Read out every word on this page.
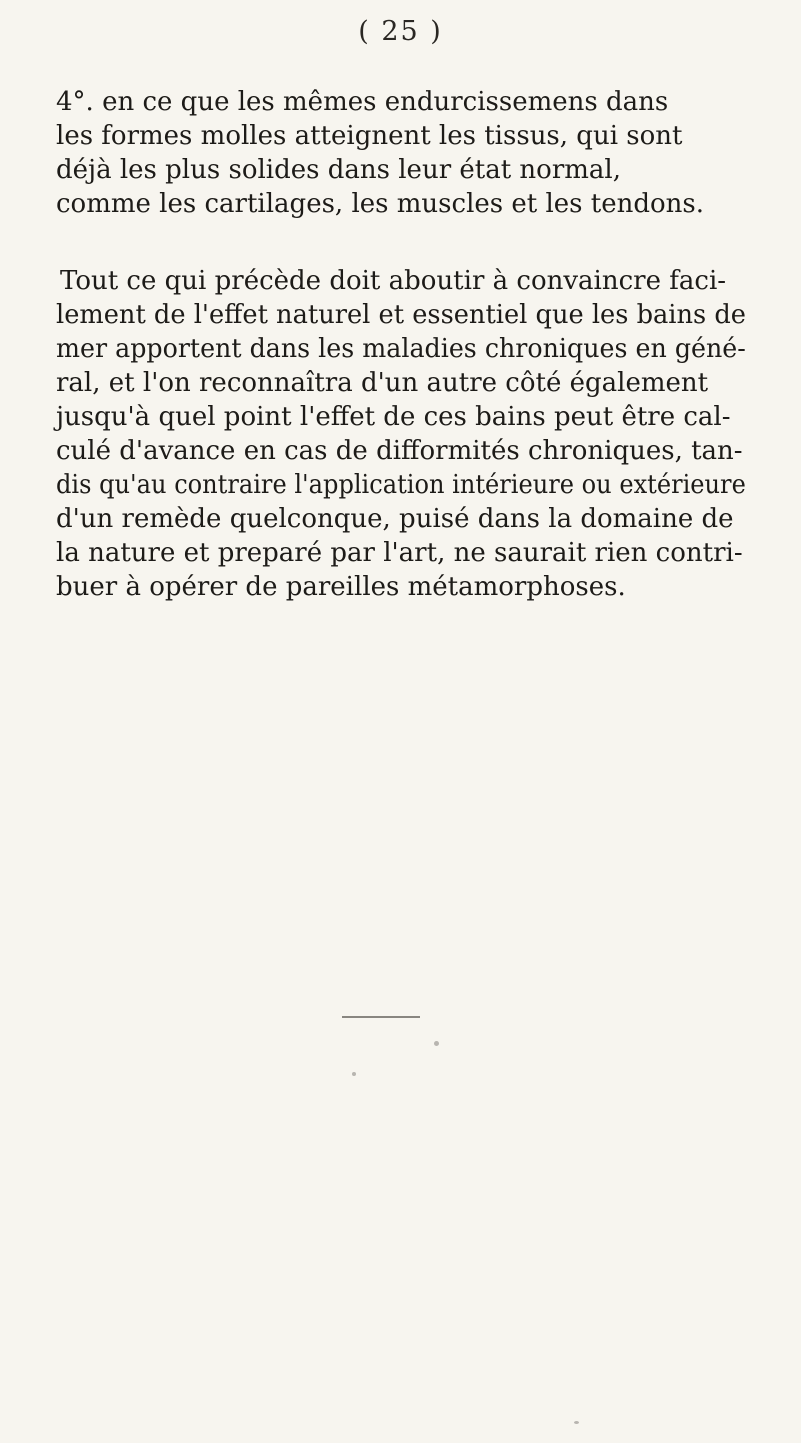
( 25 )
4°. en ce que les mêmes endurcissemens dans
les formes molles atteignent les tissus, qui sont
déjà les plus solides dans leur état normal,
comme les cartilages, les muscles et les tendons.
Tout ce qui précède doit aboutir à convaincre faci-
lement de l'effet naturel et essentiel que les bains de
mer apportent dans les maladies chroniques en géné-
ral, et l'on reconnaîtra d'un autre côté également
jusqu'à quel point l'effet de ces bains peut être cal-
culé d'avance en cas de difformités chroniques, tan-
dis qu'au contraire l'application intérieure ou extérieure
d'un remède quelconque, puisé dans la domaine de
la nature et preparé par l'art, ne saurait rien contri-
buer à opérer de pareilles métamorphoses.
